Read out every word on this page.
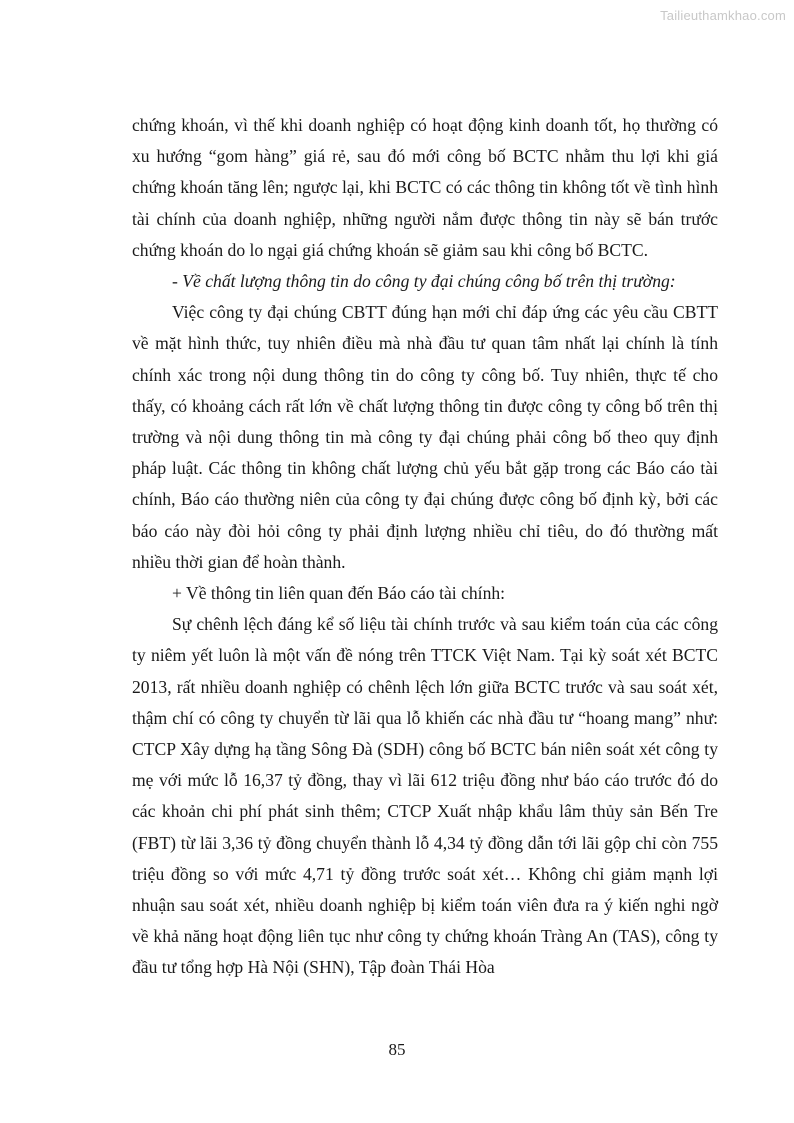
Tailieuthamkhao.com

chứng khoán, vì thế khi doanh nghiệp có hoạt động kinh doanh tốt, họ thường có xu hướng “gom hàng” giá rẻ, sau đó mới công bố BCTC nhằm thu lợi khi giá chứng khoán tăng lên; ngược lại, khi BCTC có các thông tin không tốt về tình hình tài chính của doanh nghiệp, những người nắm được thông tin này sẽ bán trước chứng khoán do lo ngại giá chứng khoán sẽ giảm sau khi công bố BCTC.

- Về chất lượng thông tin do công ty đại chúng công bố trên thị trường:

Việc công ty đại chúng CBTT đúng hạn mới chỉ đáp ứng các yêu cầu CBTT về mặt hình thức, tuy nhiên điều mà nhà đầu tư quan tâm nhất lại chính là tính chính xác trong nội dung thông tin do công ty công bố. Tuy nhiên, thực tế cho thấy, có khoảng cách rất lớn về chất lượng thông tin được công ty công bố trên thị trường và nội dung thông tin mà công ty đại chúng phải công bố theo quy định pháp luật. Các thông tin không chất lượng chủ yếu bắt gặp trong các Báo cáo tài chính, Báo cáo thường niên của công ty đại chúng được công bố định kỳ, bởi các báo cáo này đòi hỏi công ty phải định lượng nhiều chỉ tiêu, do đó thường mất nhiều thời gian để hoàn thành.

+ Về thông tin liên quan đến Báo cáo tài chính:

Sự chênh lệch đáng kể số liệu tài chính trước và sau kiểm toán của các công ty niêm yết luôn là một vấn đề nóng trên TTCK Việt Nam. Tại kỳ soát xét BCTC 2013, rất nhiều doanh nghiệp có chênh lệch lớn giữa BCTC trước và sau soát xét, thậm chí có công ty chuyển từ lãi qua lỗ khiến các nhà đầu tư “hoang mang” như: CTCP Xây dựng hạ tầng Sông Đà (SDH) công bố BCTC bán niên soát xét công ty mẹ với mức lỗ 16,37 tỷ đồng, thay vì lãi 612 triệu đồng như báo cáo trước đó do các khoản chi phí phát sinh thêm; CTCP Xuất nhập khẩu lâm thủy sản Bến Tre (FBT) từ lãi 3,36 tỷ đồng chuyển thành lỗ 4,34 tỷ đồng dẫn tới lãi gộp chỉ còn 755 triệu đồng so với mức 4,71 tỷ đồng trước soát xét… Không chỉ giảm mạnh lợi nhuận sau soát xét, nhiều doanh nghiệp bị kiểm toán viên đưa ra ý kiến nghi ngờ về khả năng hoạt động liên tục như công ty chứng khoán Tràng An (TAS), công ty đầu tư tổng hợp Hà Nội (SHN), Tập đoàn Thái Hòa

85
